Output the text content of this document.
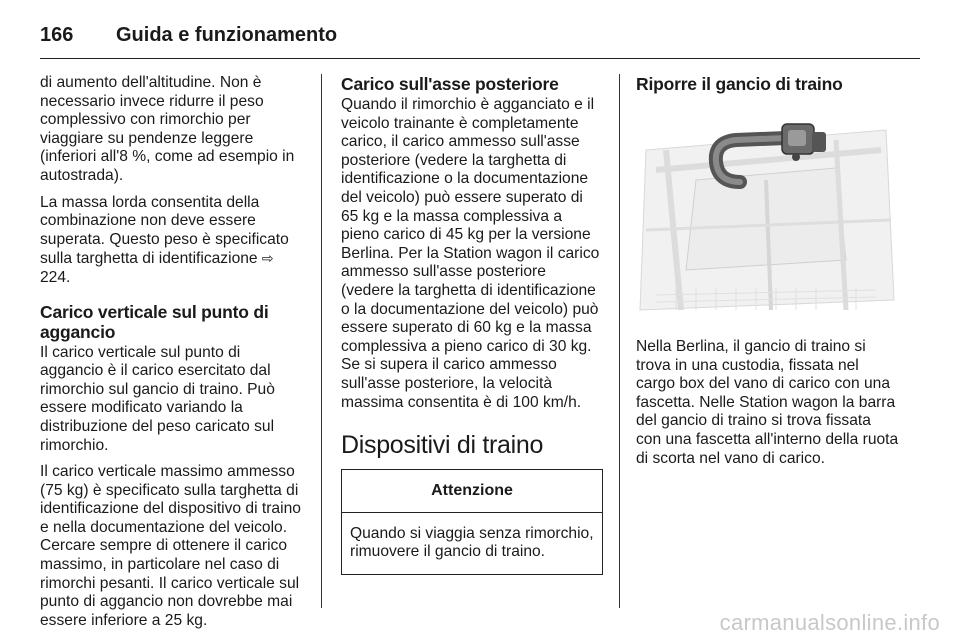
166	Guida e funzionamento

di aumento dell'altitudine. Non è necessario invece ridurre il peso complessivo con rimorchio per viaggiare su pendenze leggere (inferiori all'8 %, come ad esempio in autostrada).

La massa lorda consentita della combinazione non deve essere superata. Questo peso è specificato sulla targhetta di identificazione ⇨ 224.

Carico verticale sul punto di aggancio

Il carico verticale sul punto di aggancio è il carico esercitato dal rimorchio sul gancio di traino. Può essere modificato variando la distribuzione del peso caricato sul rimorchio.

Il carico verticale massimo ammesso (75 kg) è specificato sulla targhetta di identificazione del dispositivo di traino e nella documentazione del veicolo. Cercare sempre di ottenere il carico massimo, in particolare nel caso di rimorchi pesanti. Il carico verticale sul punto di aggancio non dovrebbe mai essere inferiore a 25 kg.

Carico sull'asse posteriore

Quando il rimorchio è agganciato e il veicolo trainante è completamente carico, il carico ammesso sull'asse posteriore (vedere la targhetta di identificazione o la documentazione del veicolo) può essere superato di 65 kg e la massa complessiva a pieno carico di 45 kg per la versione Berlina. Per la Station wagon il carico ammesso sull'asse posteriore (vedere la targhetta di identificazione o la documentazione del veicolo) può essere superato di 60 kg e la massa complessiva a pieno carico di 30 kg. Se si supera il carico ammesso sull'asse posteriore, la velocità massima consentita è di 100 km/h.

Dispositivi di traino
Attenzione
Quando si viaggia senza rimorchio, rimuovere il gancio di traino.
Riporre il gancio di traino

Nella Berlina, il gancio di traino si trova in una custodia, fissata nel cargo box del vano di carico con una fascetta. Nelle Station wagon la barra del gancio di traino si trova fissata con una fascetta all'interno della ruota di scorta nel vano di carico.

carmanualsonline.info
